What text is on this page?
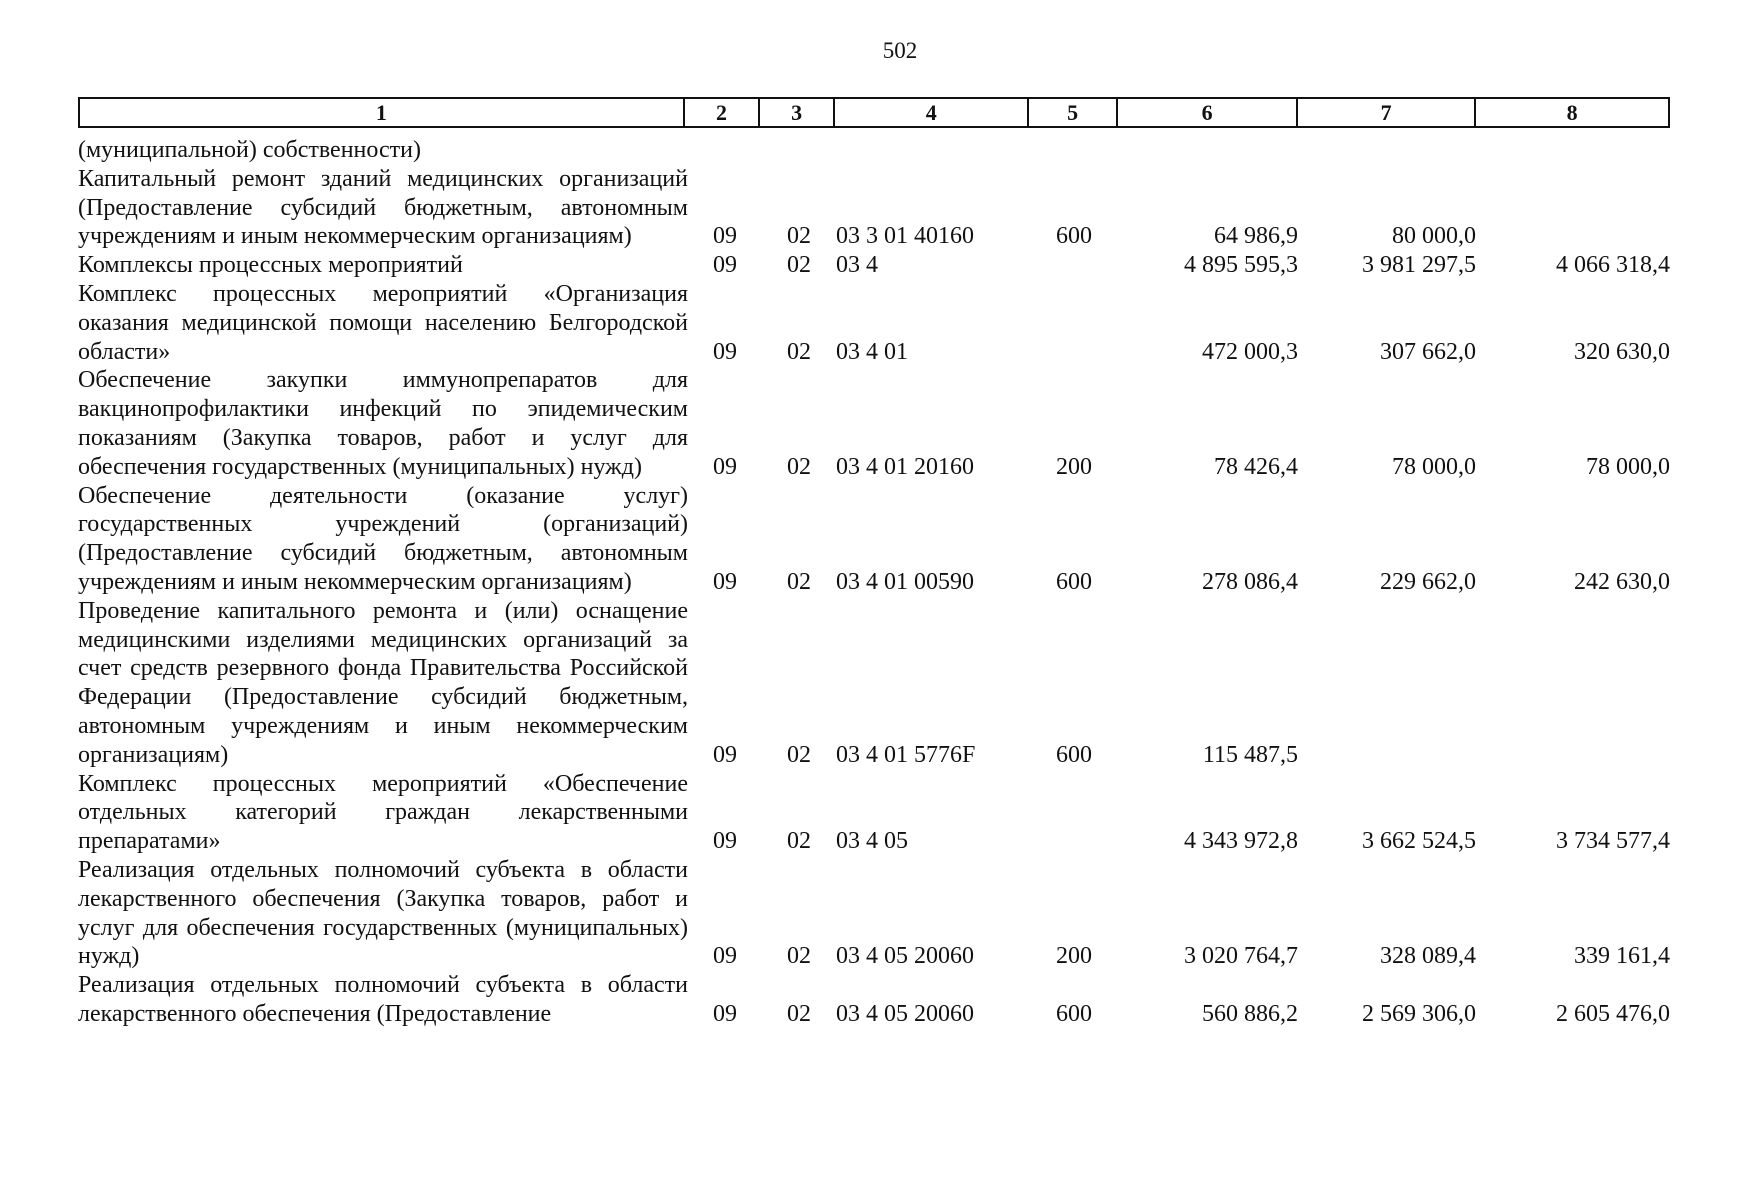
502
1	2	3	4	5	6	7	8
(муниципальной) собственности)							
Капитальный ремонт зданий медицинских организаций (Предоставление субсидий бюджетным, автономным учреждениям и иным некоммерческим организациям)	09	02	03 3 01 40160	600	64 986,9	80 000,0	
Комплексы процессных мероприятий	09	02	03 4		4 895 595,3	3 981 297,5	4 066 318,4
Комплекс процессных мероприятий «Организация оказания медицинской помощи населению Белгородской области»	09	02	03 4 01		472 000,3	307 662,0	320 630,0
Обеспечение закупки иммунопрепаратов для вакцинопрофилактики инфекций по эпидемическим показаниям (Закупка товаров, работ и услуг для обеспечения государственных (муниципальных) нужд)	09	02	03 4 01 20160	200	78 426,4	78 000,0	78 000,0
Обеспечение деятельности (оказание услуг) государственных учреждений (организаций) (Предоставление субсидий бюджетным, автономным учреждениям и иным некоммерческим организациям)	09	02	03 4 01 00590	600	278 086,4	229 662,0	242 630,0
Проведение капитального ремонта и (или) оснащение медицинскими изделиями медицинских организаций за счет средств резервного фонда Правительства Российской Федерации (Предоставление субсидий бюджетным, автономным учреждениям и иным некоммерческим организациям)	09	02	03 4 01 5776F	600	115 487,5		
Комплекс процессных мероприятий «Обеспечение отдельных категорий граждан лекарственными препаратами»	09	02	03 4 05		4 343 972,8	3 662 524,5	3 734 577,4
Реализация отдельных полномочий субъекта в области лекарственного обеспечения (Закупка товаров, работ и услуг для обеспечения государственных (муниципальных) нужд)	09	02	03 4 05 20060	200	3 020 764,7	328 089,4	339 161,4
Реализация отдельных полномочий субъекта в области лекарственного обеспечения (Предоставление	09	02	03 4 05 20060	600	560 886,2	2 569 306,0	2 605 476,0
